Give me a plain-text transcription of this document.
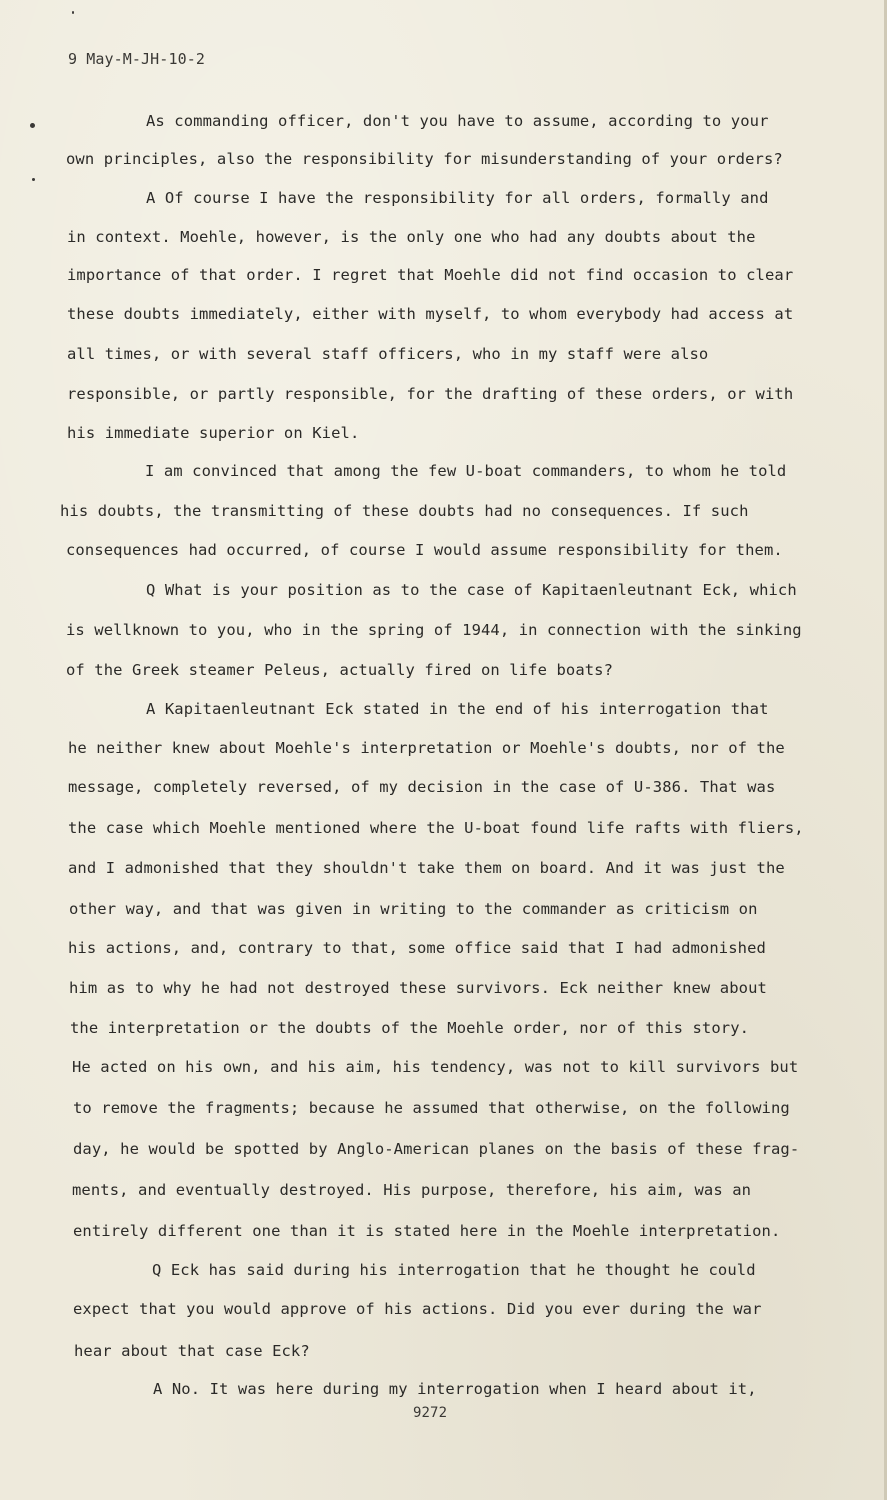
9 May-M-JH-10-2
As commanding officer, don't you have to assume, according to your
own principles, also the responsibility for misunderstanding of your orders?
A Of course I have the responsibility for all orders, formally and
in context. Moehle, however, is the only one who had any doubts about the
importance of that order. I regret that Moehle did not find occasion to clear
these doubts immediately, either with myself, to whom everybody had access at
all times, or with several staff officers, who in my staff were also
responsible, or partly responsible, for the drafting of these orders, or with
his immediate superior on Kiel.
I am convinced that among the few U-boat commanders, to whom he told
his doubts, the transmitting of these doubts had no consequences. If such
consequences had occurred, of course I would assume responsibility for them.
Q What is your position as to the case of Kapitaenleutnant Eck, which
is wellknown to you, who in the spring of 1944, in connection with the sinking
of the Greek steamer Peleus, actually fired on life boats?
A Kapitaenleutnant Eck stated in the end of his interrogation that
he neither knew about Moehle's interpretation or Moehle's doubts, nor of the
message, completely reversed, of my decision in the case of U-386. That was
the case which Moehle mentioned where the U-boat found life rafts with fliers,
and I admonished that they shouldn't take them on board. And it was just the
other way, and that was given in writing to the commander as criticism on
his actions, and, contrary to that, some office said that I had admonished
him as to why he had not destroyed these survivors. Eck neither knew about
the interpretation or the doubts of the Moehle order, nor of this story.
He acted on his own, and his aim, his tendency, was not to kill survivors but
to remove the fragments; because he assumed that otherwise, on the following
day, he would be spotted by Anglo-American planes on the basis of these frag-
ments, and eventually destroyed. His purpose, therefore, his aim, was an
entirely different one than it is stated here in the Moehle interpretation.
Q Eck has said during his interrogation that he thought he could
expect that you would approve of his actions. Did you ever during the war
hear about that case Eck?
A No. It was here during my interrogation when I heard about it,
9272
